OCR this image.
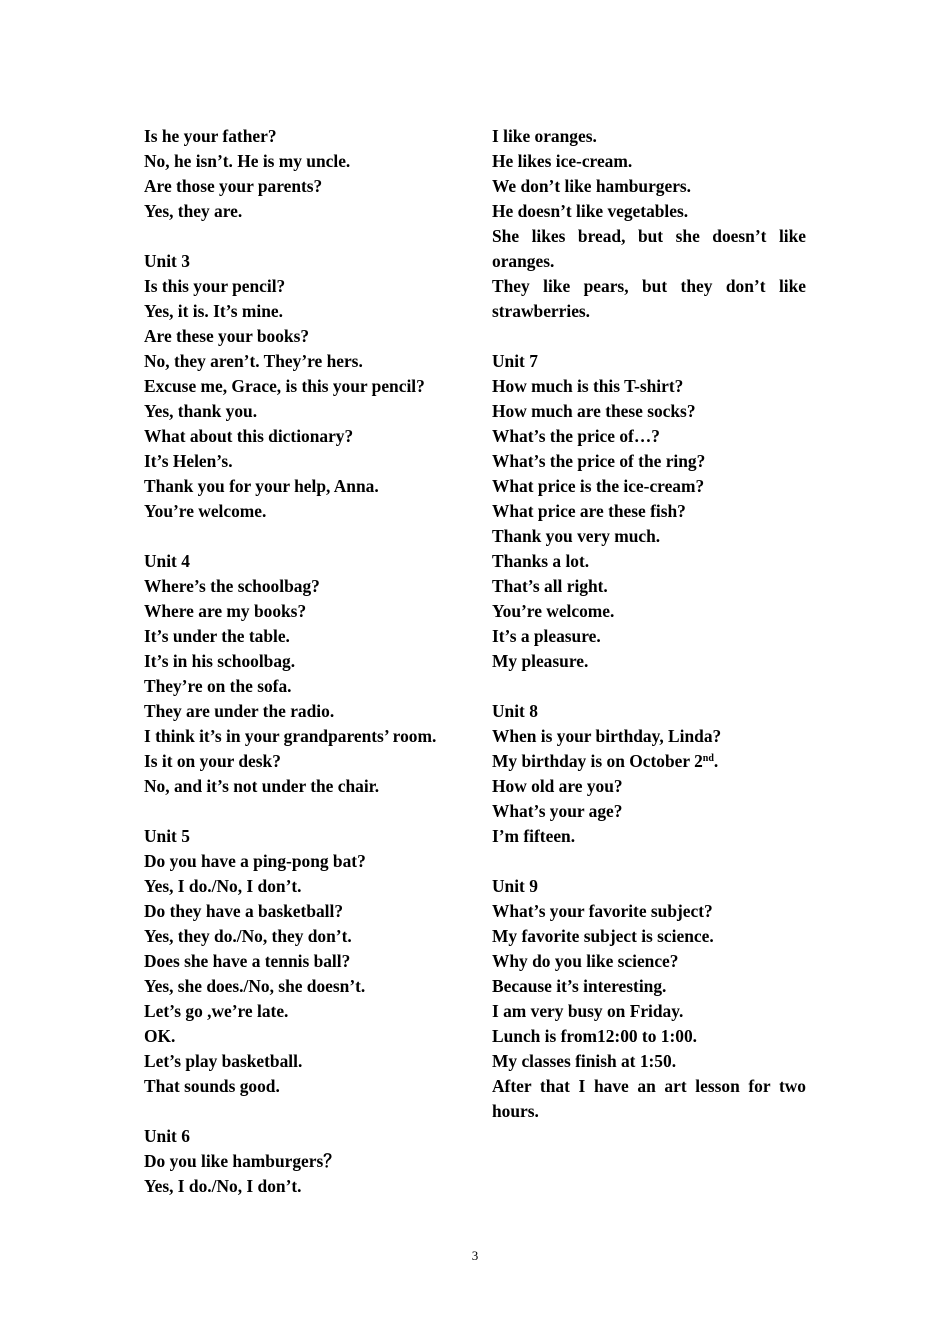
Is he your father?
No, he isn’t. He is my uncle.
Are those your parents?
Yes, they are.
Unit 3
Is this your pencil?
Yes, it is. It’s mine.
Are these your books?
No, they aren’t. They’re hers.
Excuse me, Grace, is this your pencil?
Yes, thank you.
What about this dictionary?
It’s Helen’s.
Thank you for your help, Anna.
You’re welcome.
Unit 4
Where’s the schoolbag?
Where are my books?
It’s under the table.
It’s in his schoolbag.
They’re on the sofa.
They are under the radio.
I think it’s in your grandparents’ room.
Is it on your desk?
No, and it’s not under the chair.
Unit 5
Do you have a ping-pong bat?
Yes, I do./No, I don’t.
Do they have a basketball?
Yes, they do./No, they don’t.
Does she have a tennis ball?
Yes, she does./No, she doesn’t.
Let’s go ,we’re late.
OK.
Let’s play basketball.
That sounds good.
Unit 6
Do you like hamburgers？
Yes, I do./No, I don’t.
I like oranges.
He likes ice-cream.
We don’t like hamburgers.
He doesn’t like vegetables.
She likes bread, but she doesn’t like oranges.
They like pears, but they don’t like strawberries.
Unit 7
How much is this T-shirt?
How much are these socks?
What’s the price of…?
What’s the price of the ring?
What price is the ice-cream?
What price are these fish?
Thank you very much.
Thanks a lot.
That’s all right.
You’re welcome.
It’s a pleasure.
My pleasure.
Unit 8
When is your birthday, Linda?
My birthday is on October 2nd.
How old are you?
What’s your age?
I’m fifteen.
Unit 9
What’s your favorite subject?
My favorite subject is science.
Why do you like science?
Because it’s interesting.
I am very busy on Friday.
Lunch is from12:00 to 1:00.
My classes finish at 1:50.
After that I have an art lesson for two hours.
3
